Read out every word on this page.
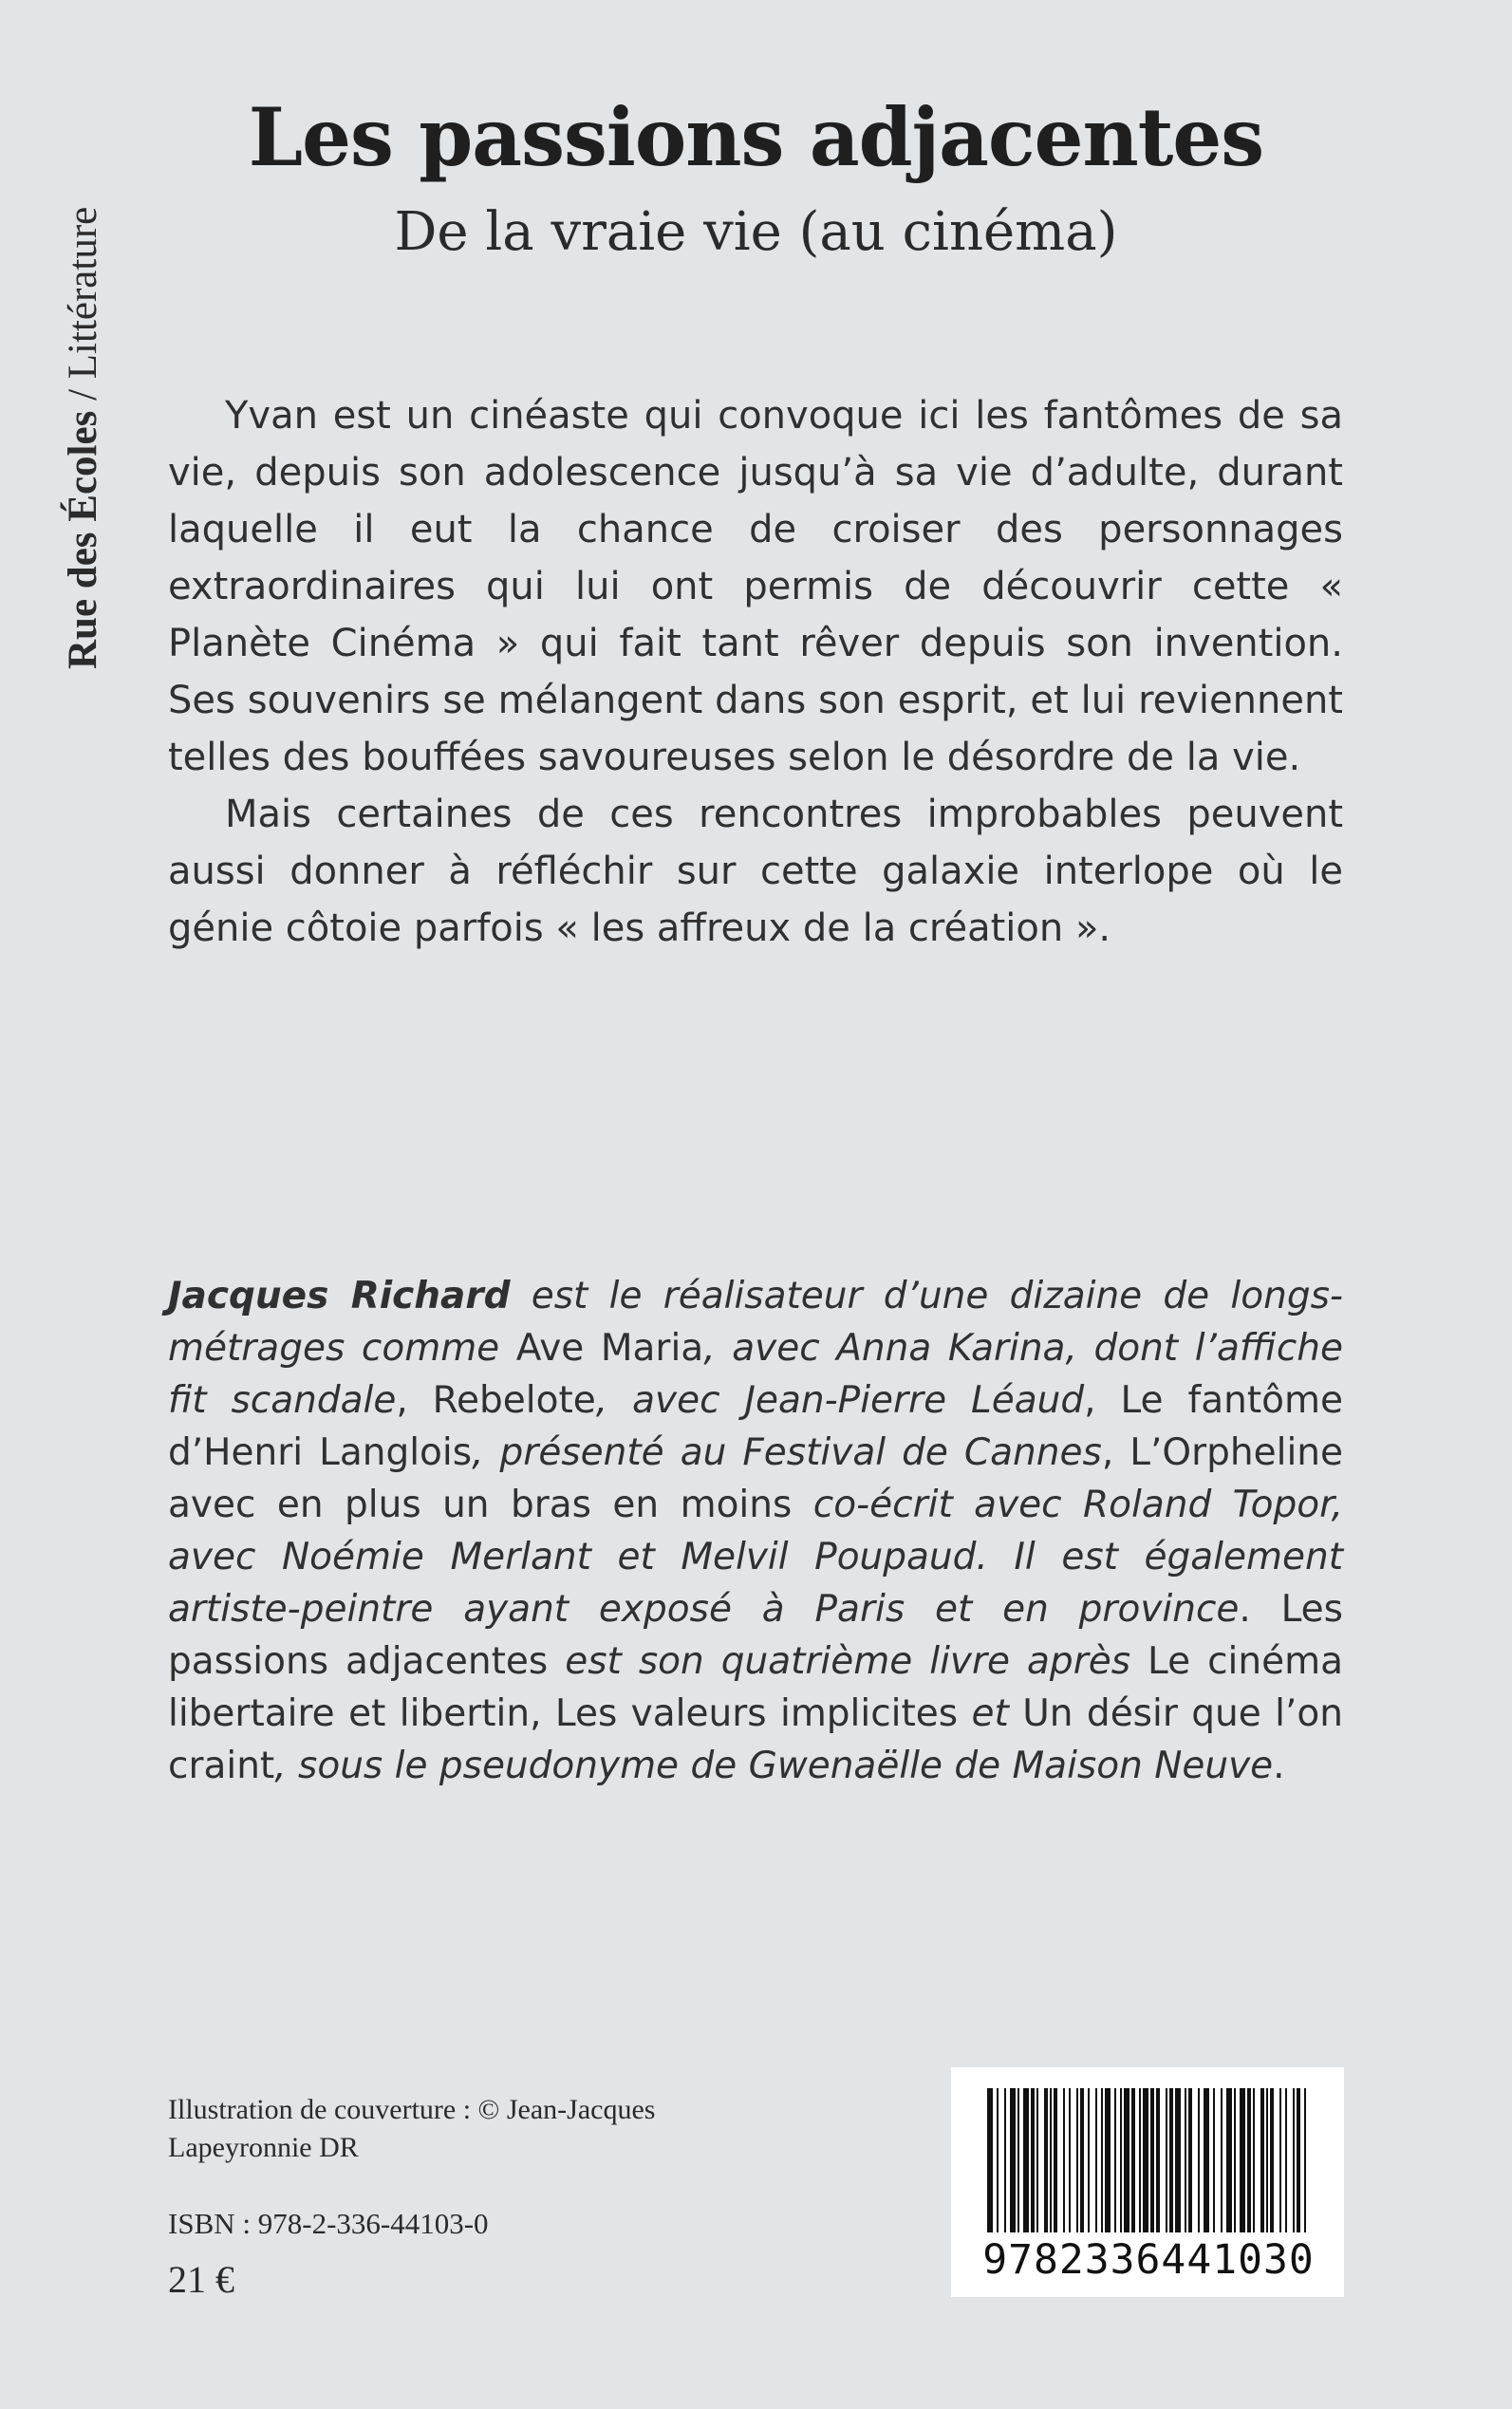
Rue des Écoles / Littérature
Les passions adjacentes
De la vraie vie (au cinéma)

Yvan est un cinéaste qui convoque ici les fantômes de sa vie, depuis son adolescence jusqu’à sa vie d’adulte, durant laquelle il eut la chance de croiser des personnages extraordinaires qui lui ont permis de découvrir cette « Planète Cinéma » qui fait tant rêver depuis son invention. Ses souvenirs se mélangent dans son esprit, et lui reviennent telles des bouffées savoureuses selon le désordre de la vie.

Mais certaines de ces rencontres improbables peuvent aussi donner à réfléchir sur cette galaxie interlope où le génie côtoie parfois « les affreux de la création ».

Jacques Richard est le réalisateur d’une dizaine de longs-métrages comme Ave Maria, avec Anna Karina, dont l’affiche fit scandale, Rebelote, avec Jean-Pierre Léaud, Le fantôme d’Henri Langlois, présenté au Festival de Cannes, L’Orpheline avec en plus un bras en moins co-écrit avec Roland Topor, avec Noémie Merlant et Melvil Poupaud. Il est également artiste-peintre ayant exposé à Paris et en province. Les passions adjacentes est son quatrième livre après Le cinéma libertaire et libertin, Les valeurs implicites et Un désir que l’on craint, sous le pseudonyme de Gwenaëlle de Maison Neuve.

Illustration de couverture : © Jean-Jacques Lapeyronnie DR
ISBN : 978-2-336-44103-0
21 €	9782336441030
